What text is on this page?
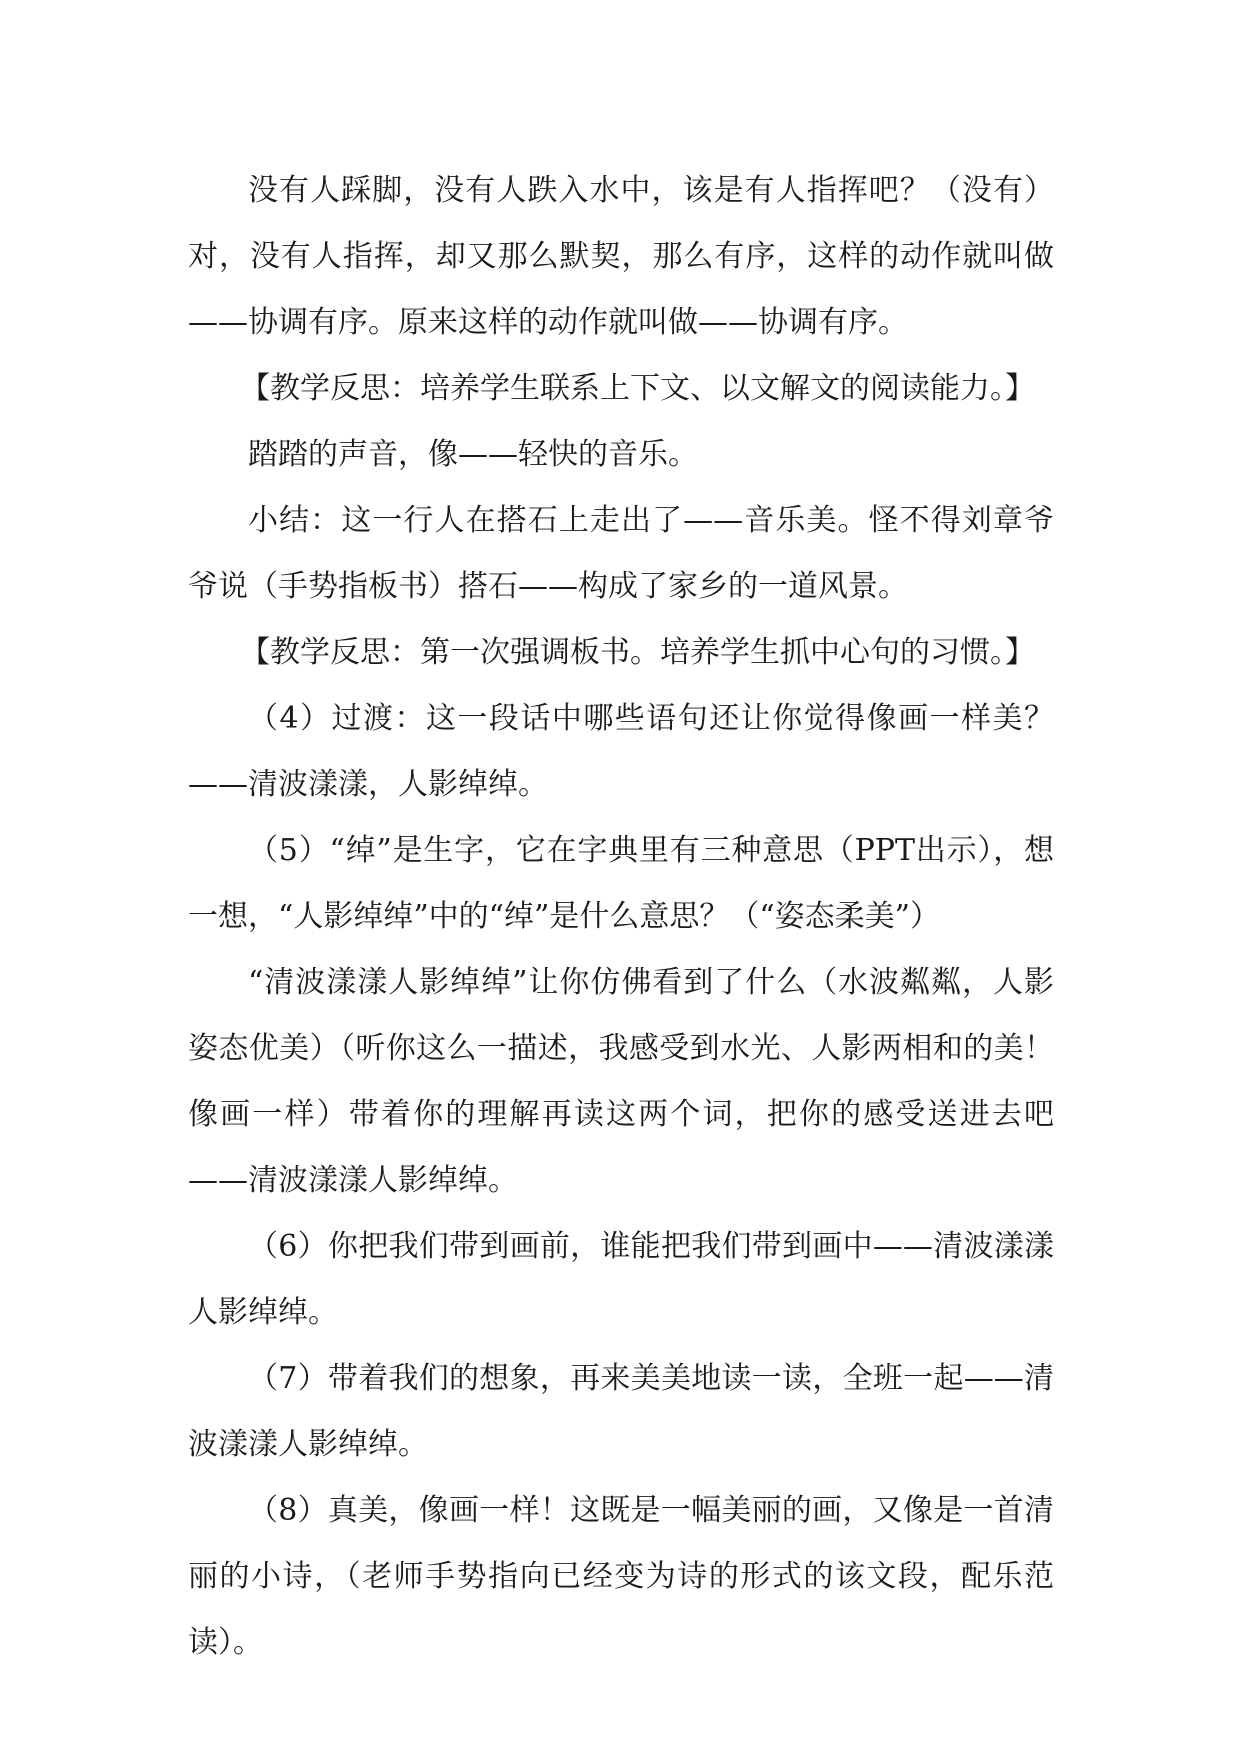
没有人踩脚，没有人跌入水中，该是有人指挥吧？（没有）对，没有人指挥，却又那么默契，那么有序，这样的动作就叫做——协调有序。原来这样的动作就叫做——协调有序。

【教学反思：培养学生联系上下文、以文解文的阅读能力。】

踏踏的声音，像——轻快的音乐。

小结：这一行人在搭石上走出了——音乐美。怪不得刘章爷爷说（手势指板书）搭石——构成了家乡的一道风景。

【教学反思：第一次强调板书。培养学生抓中心句的习惯。】

（4）过渡：这一段话中哪些语句还让你觉得像画一样美？——清波漾漾，人影绰绰。

（5）“绰”是生字，它在字典里有三种意思（PPT出示），想一想，“人影绰绰”中的“绰”是什么意思？（“姿态柔美”）

“清波漾漾人影绰绰”让你仿佛看到了什么（水波粼粼，人影姿态优美）（听你这么一描述，我感受到水光、人影两相和的美！像画一样）带着你的理解再读这两个词，把你的感受送进去吧——清波漾漾人影绰绰。

（6）你把我们带到画前，谁能把我们带到画中——清波漾漾人影绰绰。

（7）带着我们的想象，再来美美地读一读，全班一起——清波漾漾人影绰绰。

（8）真美，像画一样！这既是一幅美丽的画，又像是一首清丽的小诗，（老师手势指向已经变为诗的形式的该文段，配乐范读）。
